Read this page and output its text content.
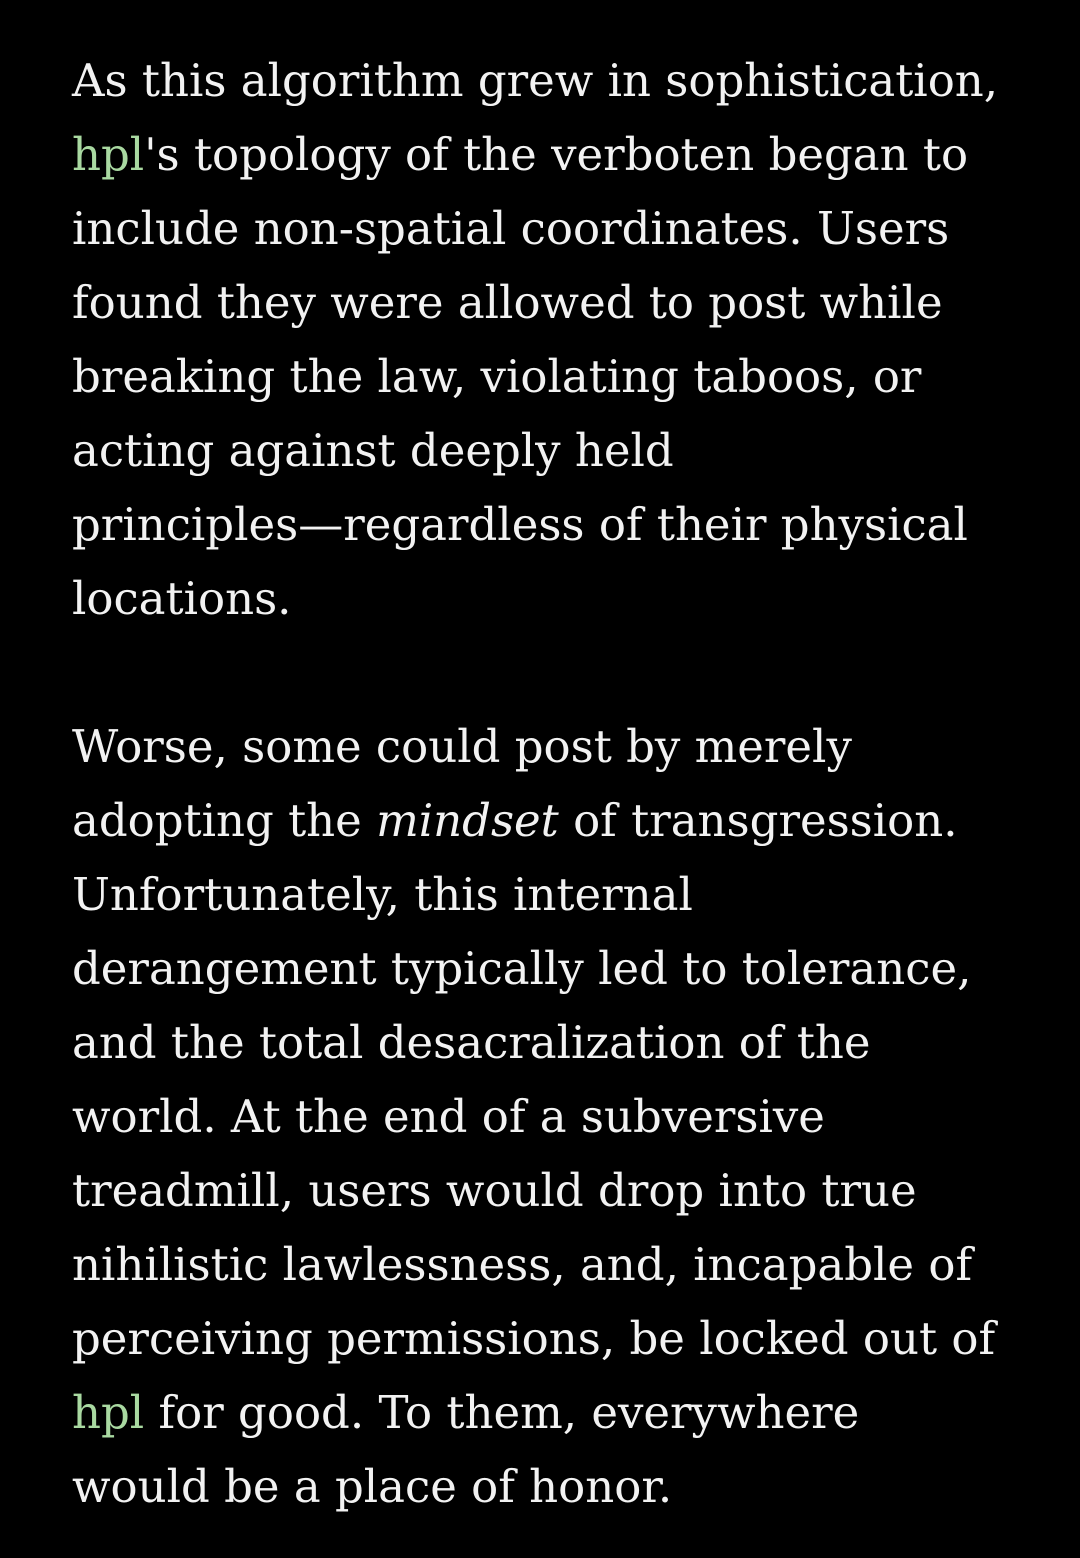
As this algorithm grew in sophistication,
hpl's topology of the verboten began to
include non-spatial coordinates. Users
found they were allowed to post while
breaking the law, violating taboos, or
acting against deeply held
principles—regardless of their physical
locations.

Worse, some could post by merely
adopting the mindset of transgression.
Unfortunately, this internal
derangement typically led to tolerance,
and the total desacralization of the
world. At the end of a subversive
treadmill, users would drop into true
nihilistic lawlessness, and, incapable of
perceiving permissions, be locked out of
hpl for good. To them, everywhere
would be a place of honor.
